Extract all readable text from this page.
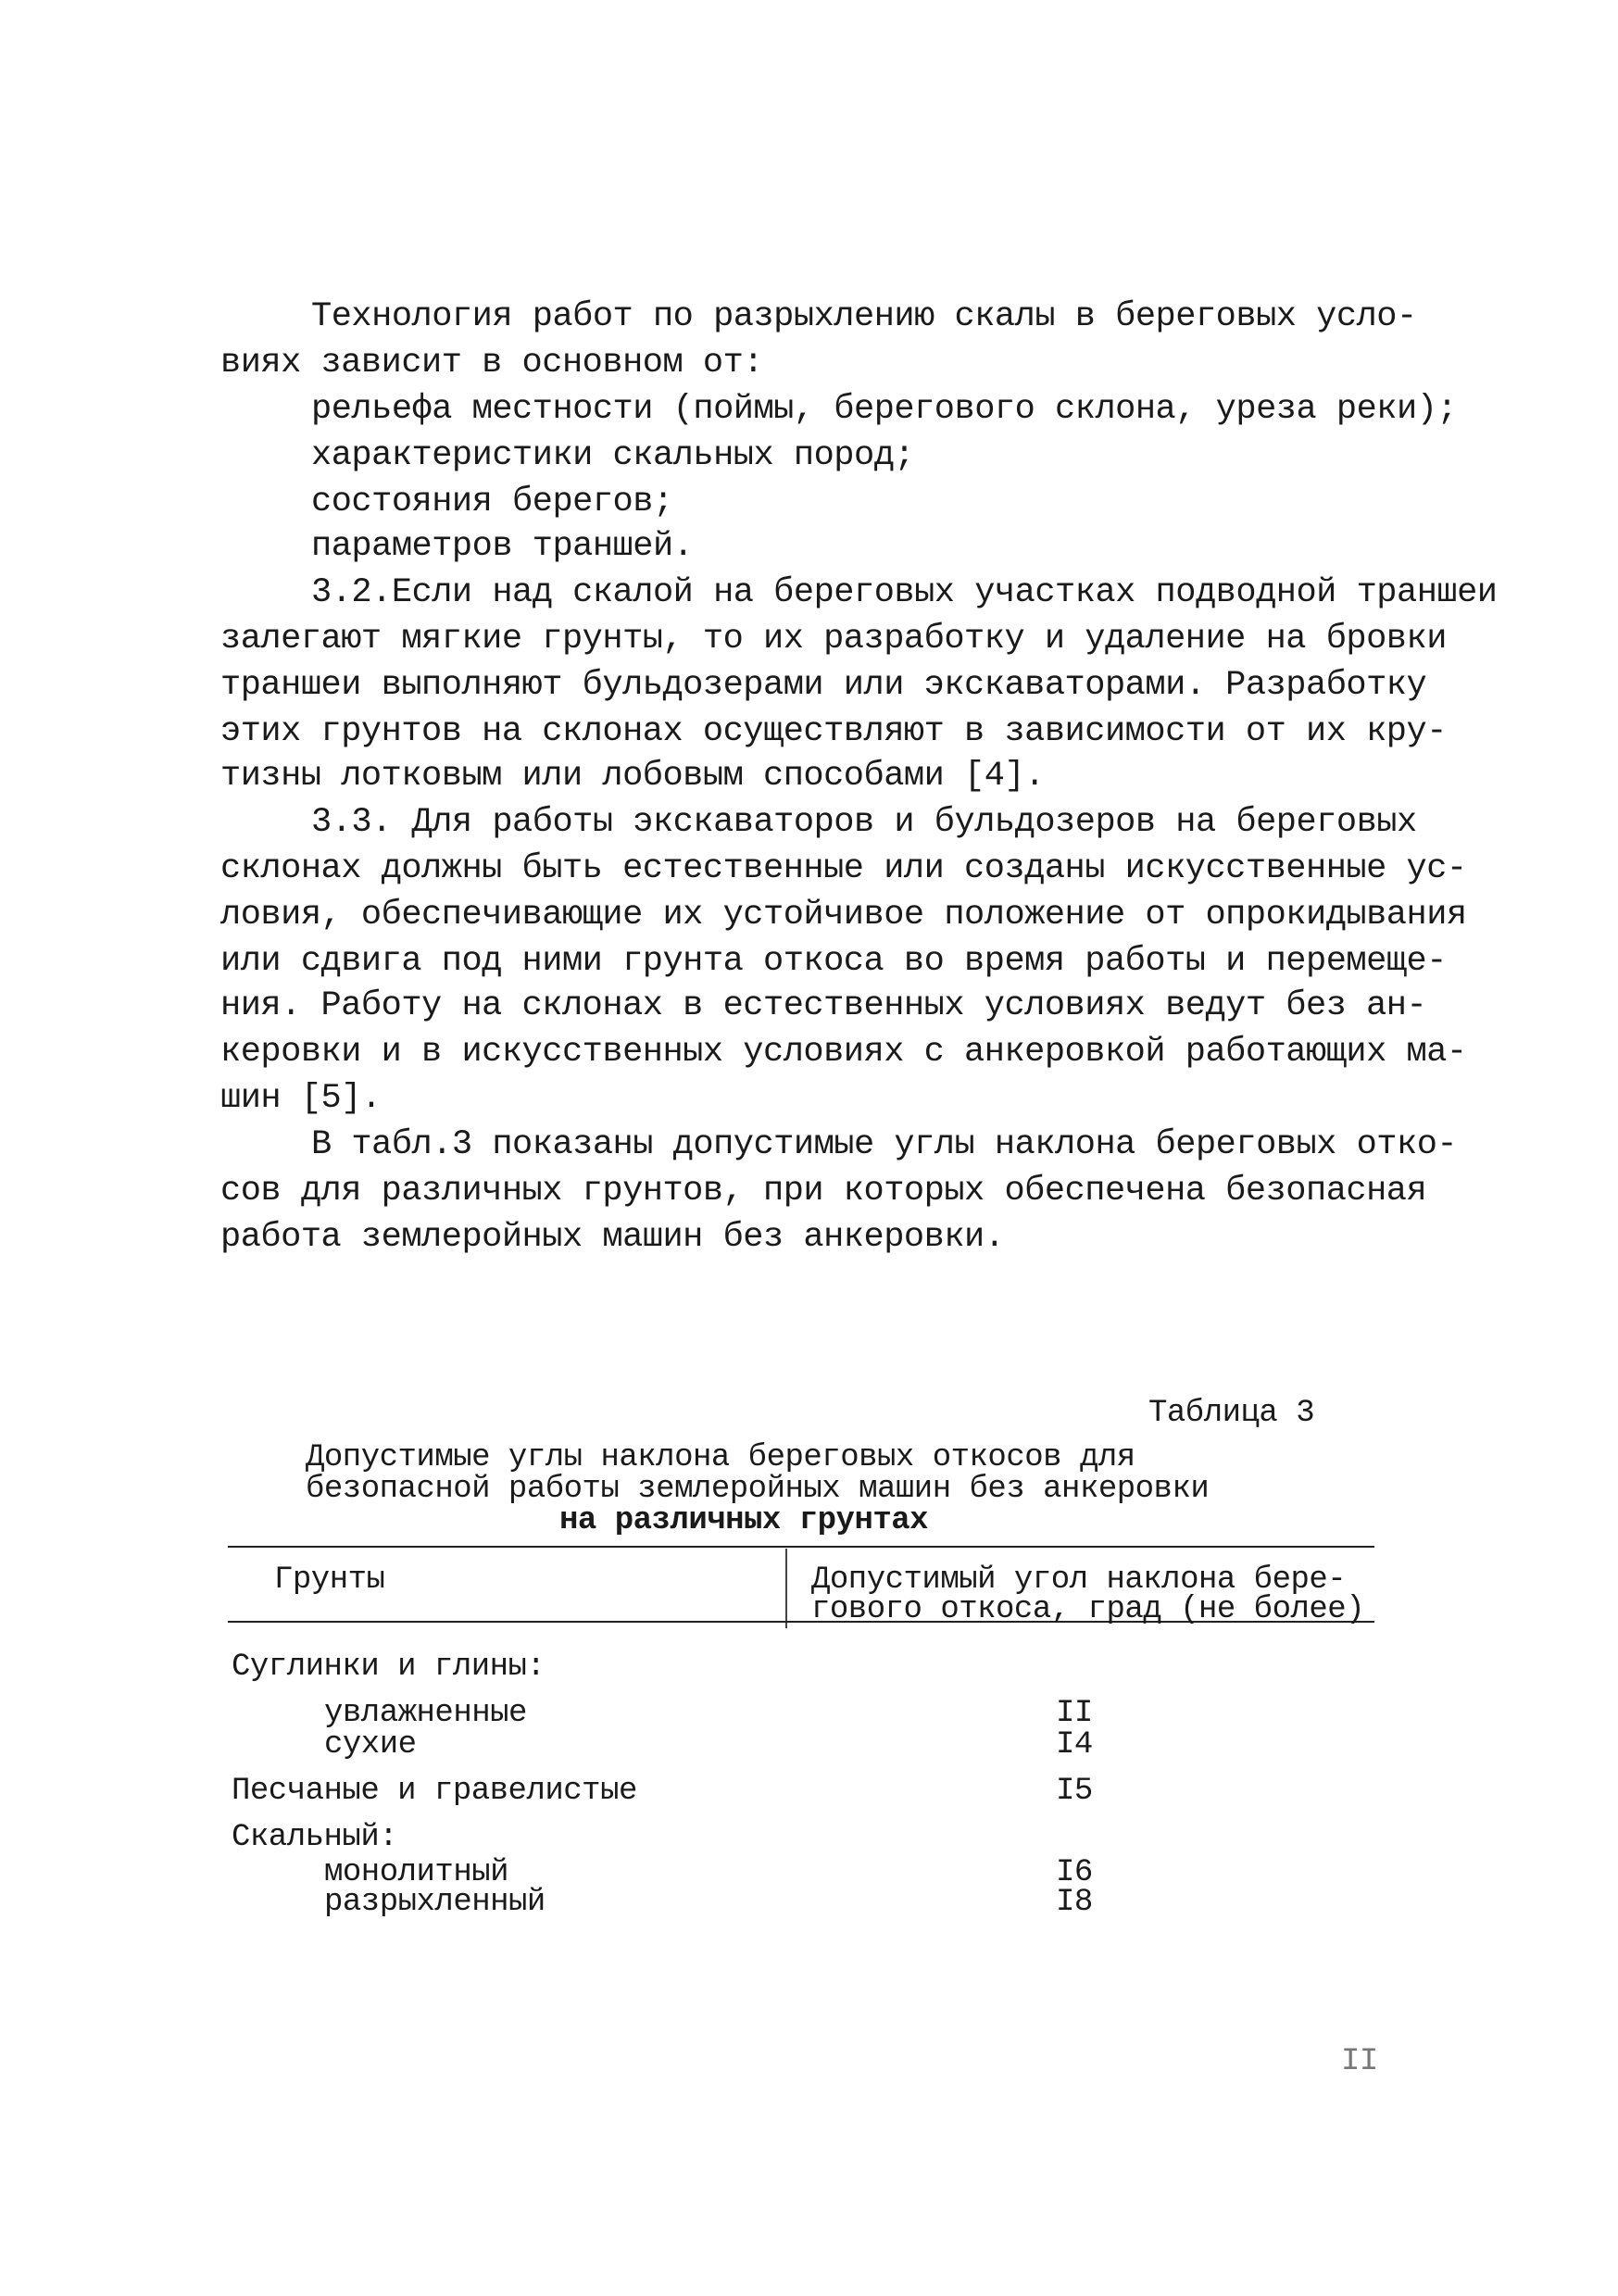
Технология работ по разрыхлению скалы в береговых усло-
виях зависит в основном от:
рельефа местности (поймы, берегового склона, уреза реки);
характеристики скальных пород;
состояния берегов;
параметров траншей.
3.2.Если над скалой на береговых участках подводной траншеи
залегают мягкие грунты, то их разработку и удаление на бровки
траншеи выполняют бульдозерами или экскаваторами. Разработку
этих грунтов на склонах осуществляют в зависимости от их кру-
тизны лотковым или лобовым способами [4].
3.3. Для работы экскаваторов и бульдозеров на береговых
склонах должны быть естественные или созданы искусственные ус-
ловия, обеспечивающие их устойчивое положение от опрокидывания
или сдвига под ними грунта откоса во время работы и перемеще-
ния. Работу на склонах в естественных условиях ведут без ан-
керовки и в искусственных условиях с анкеровкой работающих ма-
шин [5].
В табл.3 показаны допустимые углы наклона береговых отко-
сов для различных грунтов, при которых обеспечена безопасная
работа землеройных машин без анкеровки.
Таблица 3
Допустимые углы наклона береговых откосов для
безопасной работы землеройных машин без анкеровки
на различных грунтах
Грунты	Допустимый угол наклона бере-
гового откоса, град (не более)
Суглинки и глины:
увлажненные	II
сухие	I4
Песчаные и гравелистые	I5
Скальный:
монолитный	I6
разрыхленный	I8
II
